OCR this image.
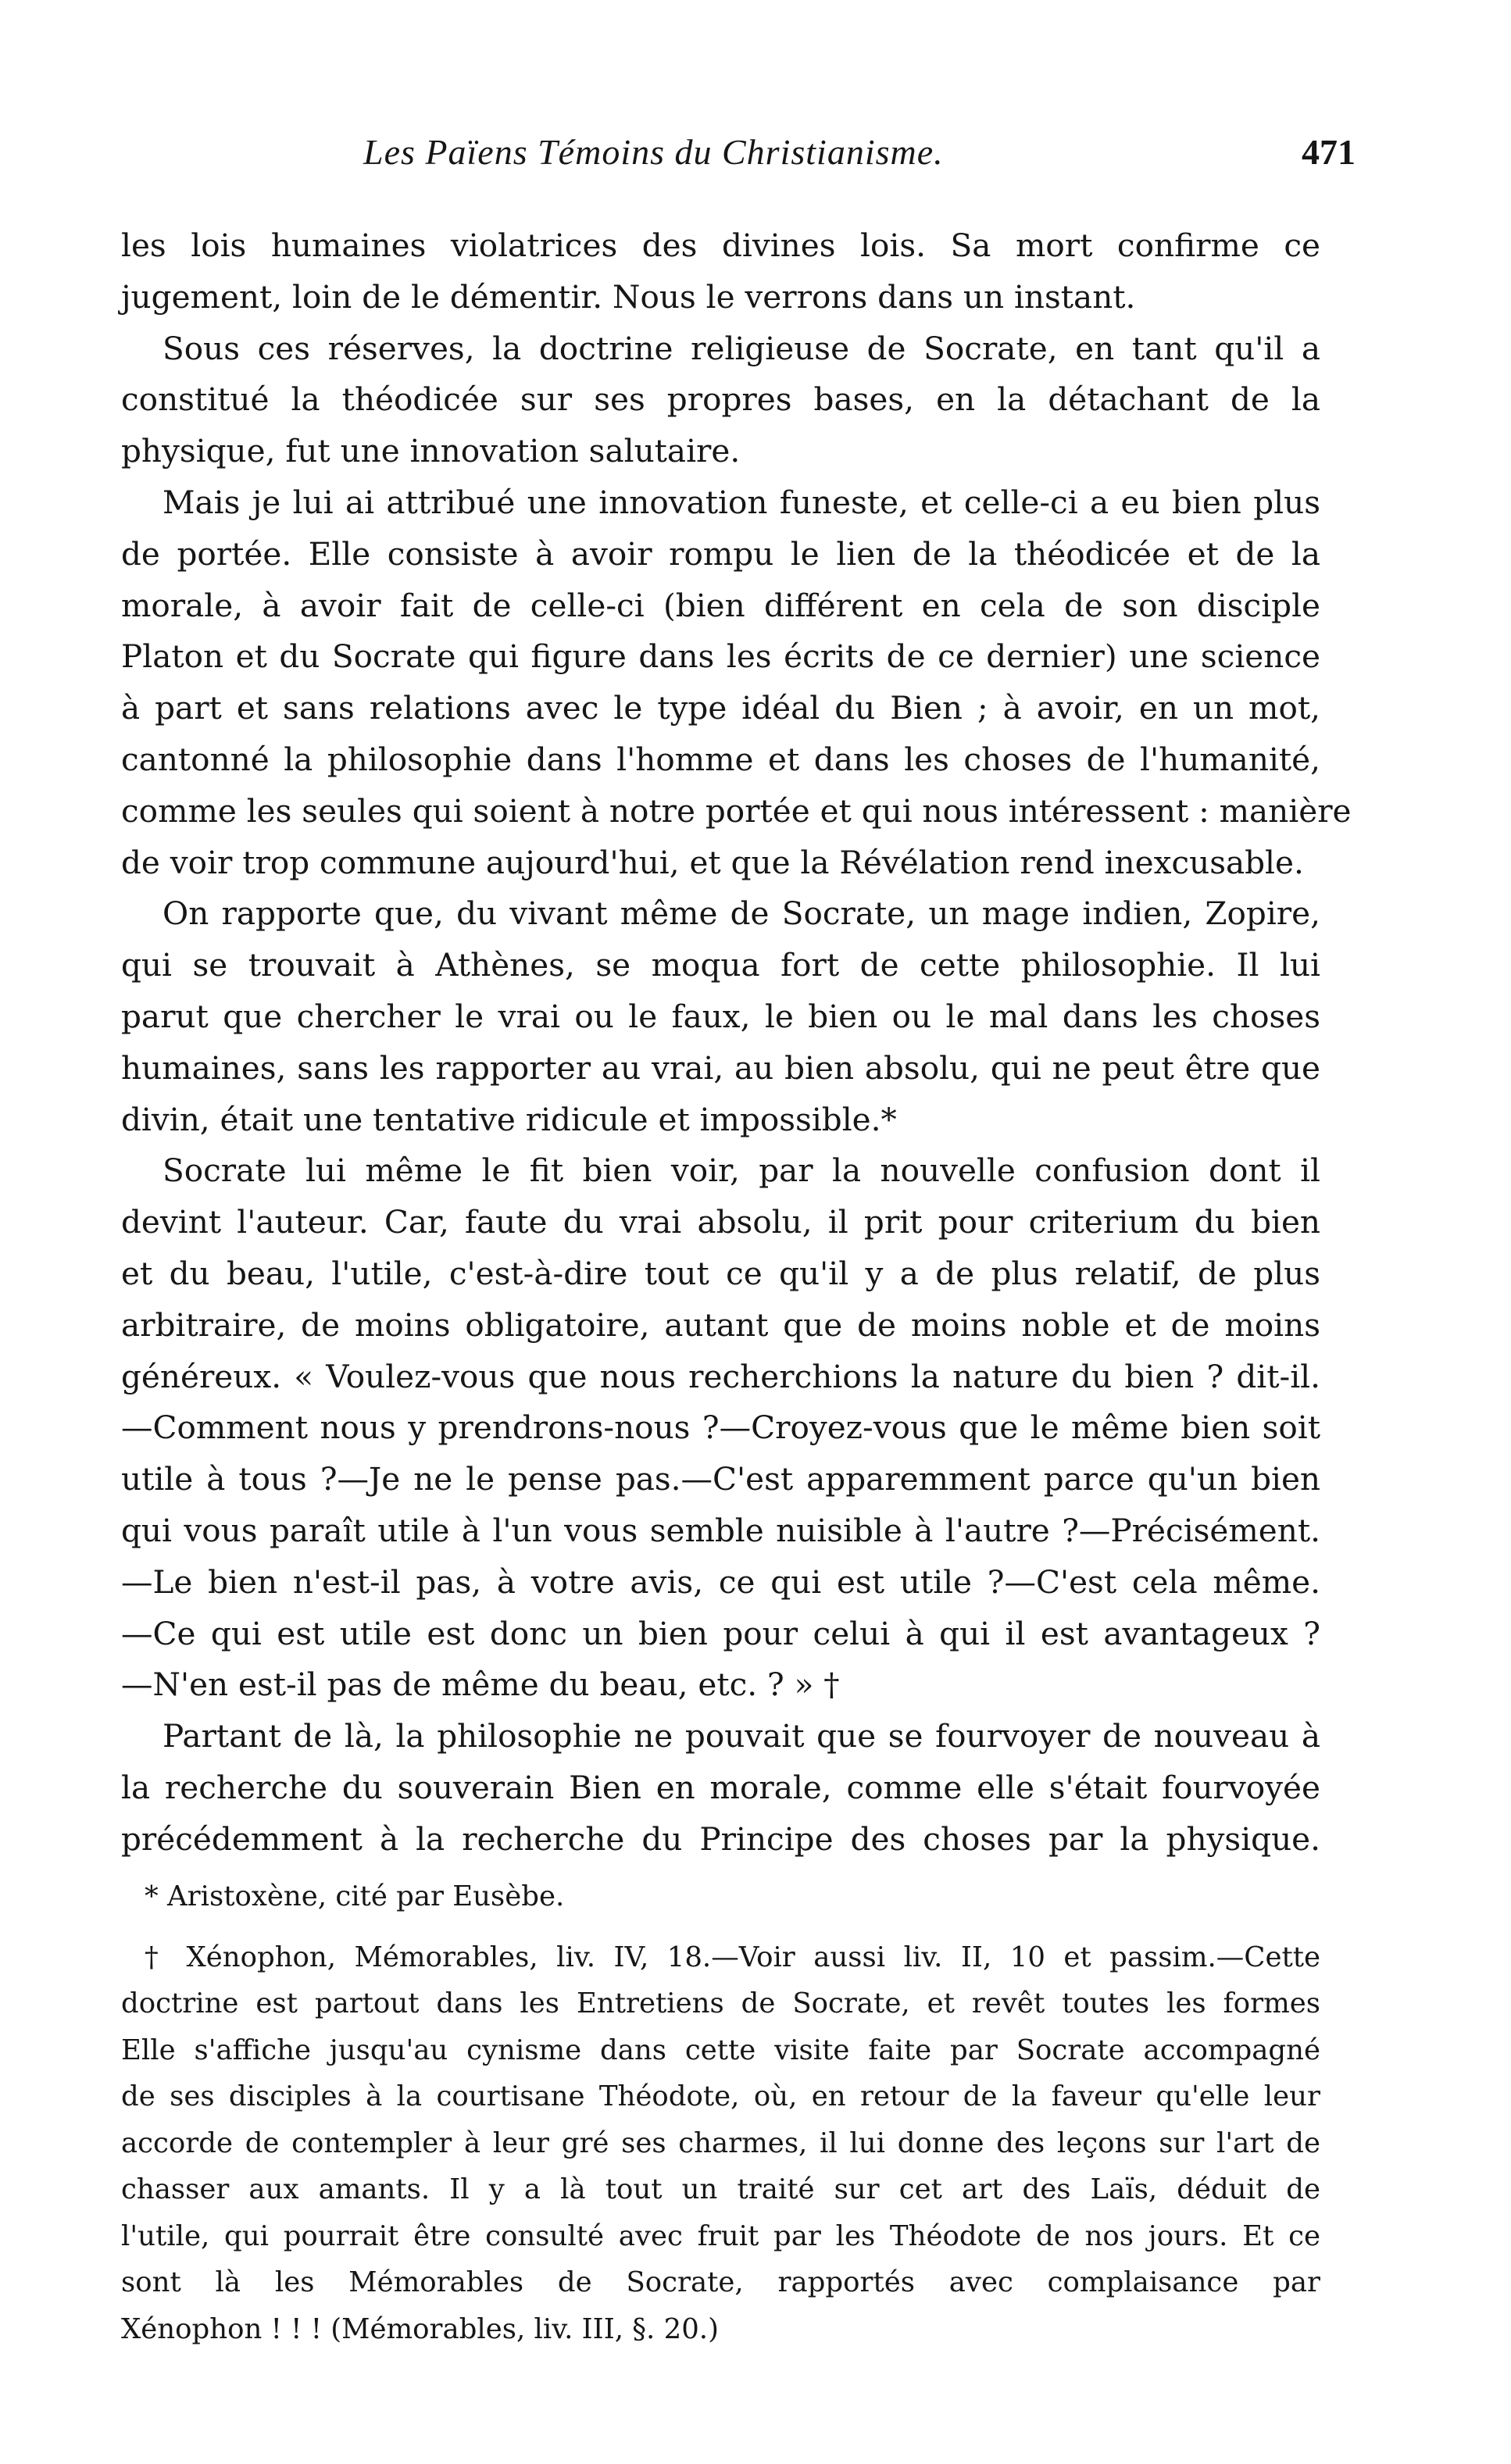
Les Païens Témoins du Christianisme.	471
les lois humaines violatrices des divines lois. Sa mort confirme ce
jugement, loin de le démentir. Nous le verrons dans un instant.
Sous ces réserves, la doctrine religieuse de Socrate, en tant qu'il a
constitué la théodicée sur ses propres bases, en la détachant de la
physique, fut une innovation salutaire.
Mais je lui ai attribué une innovation funeste, et celle-ci a eu bien plus
de portée. Elle consiste à avoir rompu le lien de la théodicée et de la
morale, à avoir fait de celle-ci (bien différent en cela de son disciple
Platon et du Socrate qui figure dans les écrits de ce dernier) une science
à part et sans relations avec le type idéal du Bien ; à avoir, en un mot,
cantonné la philosophie dans l'homme et dans les choses de l'humanité,
comme les seules qui soient à notre portée et qui nous intéressent : manière
de voir trop commune aujourd'hui, et que la Révélation rend inexcusable.
On rapporte que, du vivant même de Socrate, un mage indien, Zopire,
qui se trouvait à Athènes, se moqua fort de cette philosophie. Il lui
parut que chercher le vrai ou le faux, le bien ou le mal dans les choses
humaines, sans les rapporter au vrai, au bien absolu, qui ne peut être que
divin, était une tentative ridicule et impossible.*
Socrate lui même le fit bien voir, par la nouvelle confusion dont il
devint l'auteur. Car, faute du vrai absolu, il prit pour criterium du bien
et du beau, l'utile, c'est-à-dire tout ce qu'il y a de plus relatif, de plus
arbitraire, de moins obligatoire, autant que de moins noble et de moins
généreux. « Voulez-vous que nous recherchions la nature du bien ? dit-il.
—Comment nous y prendrons-nous ?—Croyez-vous que le même bien soit
utile à tous ?—Je ne le pense pas.—C'est apparemment parce qu'un bien
qui vous paraît utile à l'un vous semble nuisible à l'autre ?—Précisément.
—Le bien n'est-il pas, à votre avis, ce qui est utile ?—C'est cela même.
—Ce qui est utile est donc un bien pour celui à qui il est avantageux ?
—N'en est-il pas de même du beau, etc. ? » †
Partant de là, la philosophie ne pouvait que se fourvoyer de nouveau à
la recherche du souverain Bien en morale, comme elle s'était fourvoyée
précédemment à la recherche du Principe des choses par la physique.
* Aristoxène, cité par Eusèbe.
† Xénophon, Mémorables, liv. IV, 18.—Voir aussi liv. II, 10 et passim.—Cette
doctrine est partout dans les Entretiens de Socrate, et revêt toutes les formes
Elle s'affiche jusqu'au cynisme dans cette visite faite par Socrate accompagné
de ses disciples à la courtisane Théodote, où, en retour de la faveur qu'elle leur
accorde de contempler à leur gré ses charmes, il lui donne des leçons sur l'art de
chasser aux amants. Il y a là tout un traité sur cet art des Laïs, déduit de
l'utile, qui pourrait être consulté avec fruit par les Théodote de nos jours. Et ce
sont là les Mémorables de Socrate, rapportés avec complaisance par
Xénophon ! ! ! (Mémorables, liv. III, §. 20.)
